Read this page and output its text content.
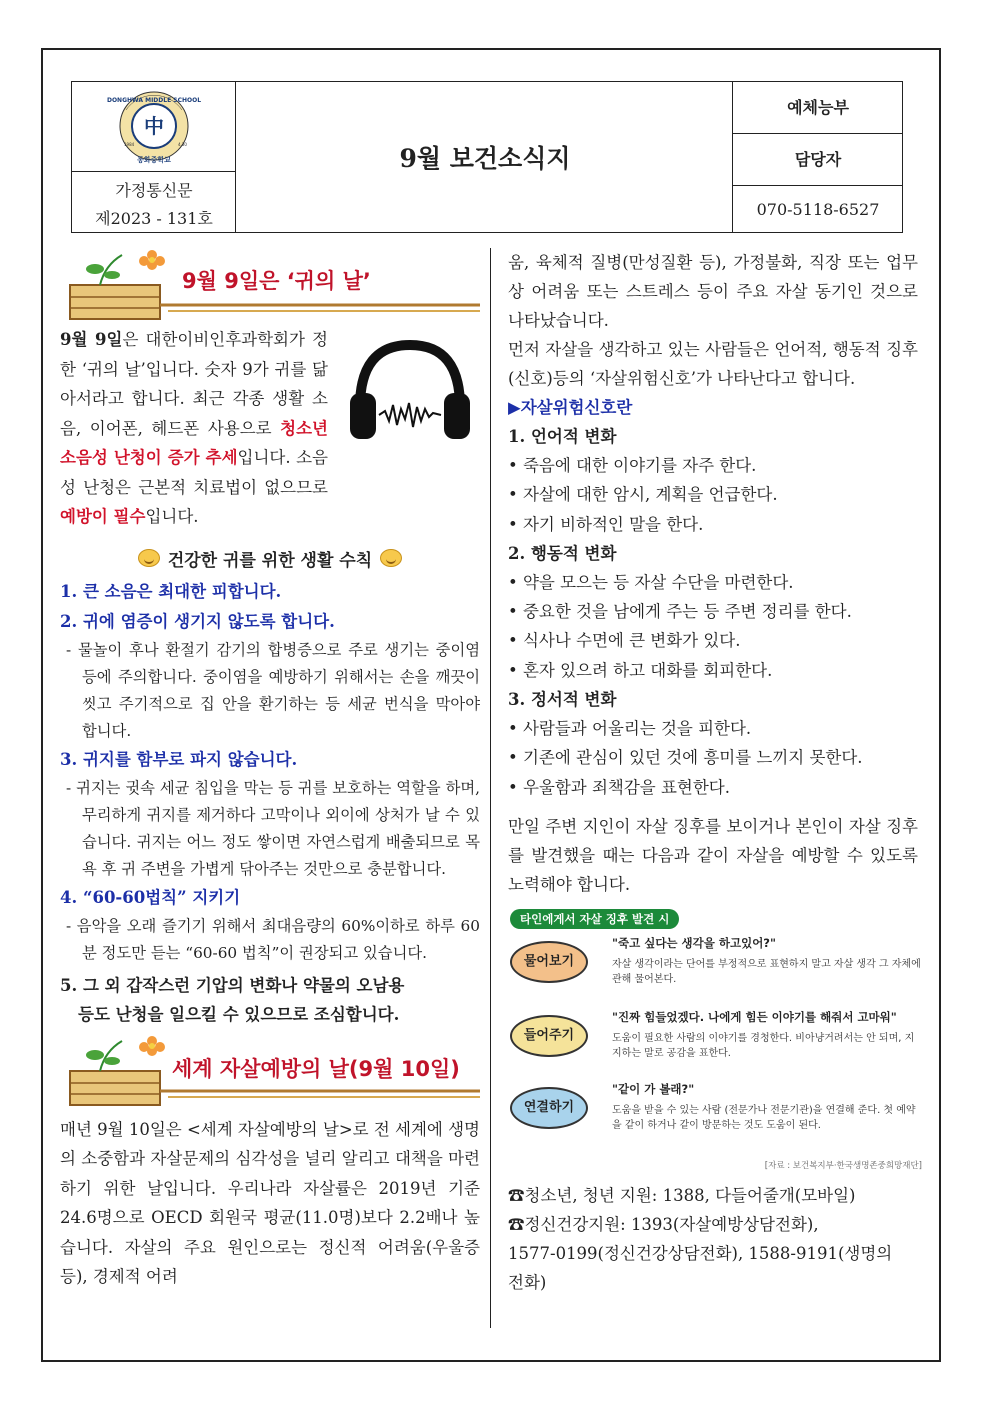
中
DONGHWA MIDDLE SCHOOL
동화중학교
1984	4.30
가정통신문
제2023 - 131호
9월 보건소식지
예체능부
담당자
070-5118-6527
9월 9일은 ‘귀의 날’

9월 9일은 대한이비인후과학회가 정한 ‘귀의 날’입니다. 숫자 9가 귀를 닮아서라고 합니다. 최근 각종 생활 소음, 이어폰, 헤드폰 사용으로 청소년 소음성 난청이 증가 추세입니다. 소음성 난청은 근본적 치료법이 없으므로 예방이 필수입니다.

건강한 귀를 위한 생활 수칙
1. 큰 소음은 최대한 피합니다.
2. 귀에 염증이 생기지 않도록 합니다.
- 물놀이 후나 환절기 감기의 합병증으로 주로 생기는 중이염 등에 주의합니다. 중이염을 예방하기 위해서는 손을 깨끗이 씻고 주기적으로 집 안을 환기하는 등 세균 번식을 막아야 합니다.
3. 귀지를 함부로 파지 않습니다.
- 귀지는 귓속 세균 침입을 막는 등 귀를 보호하는 역할을 하며, 무리하게 귀지를 제거하다 고막이나 외이에 상처가 날 수 있습니다. 귀지는 어느 정도 쌓이면 자연스럽게 배출되므로 목욕 후 귀 주변을 가볍게 닦아주는 것만으로 충분합니다.
4. “60-60법칙” 지키기
- 음악을 오래 즐기기 위해서 최대음량의 60%이하로 하루 60분 정도만 듣는 “60-60 법칙”이 권장되고 있습니다.
5. 그 외 갑작스런 기압의 변화나 약물의 오남용
등도 난청을 일으킬 수 있으므로 조심합니다.
세계 자살예방의 날(9월 10일)

매년 9월 10일은 <세계 자살예방의 날>로 전 세계에 생명의 소중함과 자살문제의 심각성을 널리 알리고 대책을 마련하기 위한 날입니다. 우리나라 자살률은 2019년 기준 24.6명으로 OECD 회원국 평균(11.0명)보다 2.2배나 높습니다. 자살의 주요 원인으로는 정신적 어려움(우울증 등), 경제적 어려

움, 육체적 질병(만성질환 등), 가정불화, 직장 또는 업무상 어려움 또는 스트레스 등이 주요 자살 동기인 것으로 나타났습니다.

먼저 자살을 생각하고 있는 사람들은 언어적, 행동적 징후(신호)등의 ‘자살위험신호’가 나타난다고 합니다.

▶자살위험신호란
1. 언어적 변화
• 죽음에 대한 이야기를 자주 한다.
• 자살에 대한 암시, 계획을 언급한다.
• 자기 비하적인 말을 한다.
2. 행동적 변화
• 약을 모으는 등 자살 수단을 마련한다.
• 중요한 것을 남에게 주는 등 주변 정리를 한다.
• 식사나 수면에 큰 변화가 있다.
• 혼자 있으려 하고 대화를 회피한다.
3. 정서적 변화
• 사람들과 어울리는 것을 피한다.
• 기존에 관심이 있던 것에 흥미를 느끼지 못한다.
• 우울함과 죄책감을 표현한다.

만일 주변 지인이 자살 징후를 보이거나 본인이 자살 징후를 발견했을 때는 다음과 같이 자살을 예방할 수 있도록 노력해야 합니다.

타인에게서 자살 징후 발견 시
물어보기
"죽고 싶다는 생각을 하고있어?"
자살 생각이라는 단어를 부정적으로 표현하지 말고 자살 생각 그 자체에 관해 물어본다.
들어주기
"진짜 힘들었겠다. 나에게 힘든 이야기를 해줘서 고마워"
도움이 필요한 사람의 이야기를 경청한다. 비아냥거려서는 안 되며, 지지하는 말로 공감을 표한다.
연결하기
"같이 가 볼래?"
도움을 받을 수 있는 사람 (전문가나 전문기관)을 연결해 준다. 첫 예약을 같이 하거나 같이 방문하는 것도 도움이 된다.
[자료 : 보건복지부·한국생명존중희망재단]
☎청소년, 청년 지원: 1388, 다들어줄개(모바일)
☎정신건강지원: 1393(자살예방상담전화),
1577-0199(정신건강상담전화), 1588-9191(생명의
전화)
